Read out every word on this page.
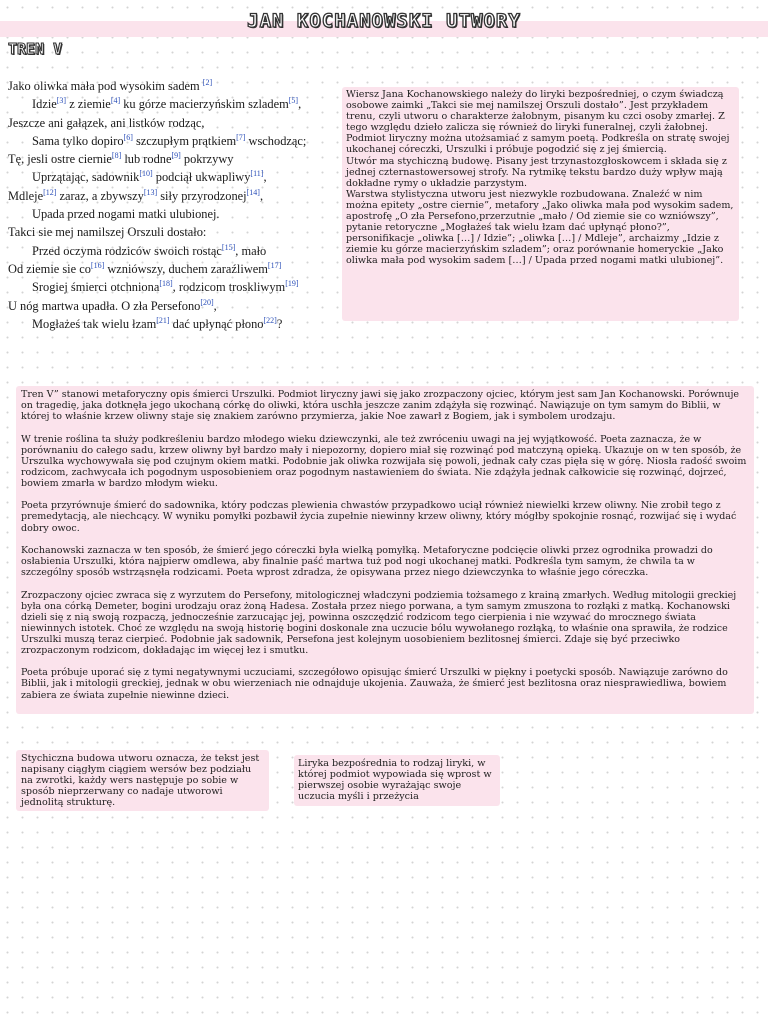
JAN KOCHANOWSKI UTWORY
TREN V
Jako oliwka mała pod wysokim sadem [2]
Idzie[3] z ziemie[4] ku górze macierzyńskim szladem[5],
Jeszcze ani gałązek, ani listków rodząc,
Sama tylko dopiro[6] szczupłym prątkiem[7] wschodząc;
Tę, jesli ostre ciernie[8] lub rodne[9] pokrzywy
Uprzątając, sadownik[10] podciął ukwapliwy[11],
Mdleje[12] zaraz, a zbywszy[13] siły przyrodzonej[14],
Upada przed nogami matki ulubionej.
Takci sie mej namilszej Orszuli dostało:
Przed oczyma rodziców swoich rostąc[15], mało
Od ziemie sie co[16] wzniówszy, duchem zaraźliwem[17]
Srogiej śmierci otchniona[18], rodzicom troskliwym[19]
U nóg martwa upadła. O zła Persefono[20],
Mogłażeś tak wielu łzam[21] dać upłynąć płono[22]?

Wiersz Jana Kochanowskiego należy do liryki bezpośredniej, o czym świadczą osobowe zaimki „Takci sie mej namilszej Orszuli dostało”. Jest przykładem trenu, czyli utworu o charakterze żałobnym, pisanym ku czci osoby zmarłej. Z tego względu dzieło zalicza się również do liryki funeralnej, czyli żałobnej. Podmiot liryczny można utożsamiać z samym poetą. Podkreśla on stratę swojej ukochanej córeczki, Urszulki i próbuje pogodzić się z jej śmiercią.

Utwór ma stychiczną budowę. Pisany jest trzynastozgłoskowcem i składa się z jednej czternastowersowej strofy. Na rytmikę tekstu bardzo duży wpływ mają dokładne rymy o układzie parzystym.

Warstwa stylistyczna utworu jest niezwykle rozbudowana. Znaleźć w nim można epitety „ostre ciernie”, metafory „Jako oliwka mała pod wysokim sadem, apostrofę „O zła Persefono,przerzutnie „mało / Od ziemie sie co wzniówszy”, pytanie retoryczne „Mogłażeś tak wielu łzam dać upłynąć płono?”, personifikacje „oliwka […] / Idzie”; „oliwka […] / Mdleje”, archaizmy „Idzie z ziemie ku górze macierzyńskim szladem”; oraz porównanie homeryckie „Jako oliwka mała pod wysokim sadem […] / Upada przed nogami matki ulubionej”.

Tren V” stanowi metaforyczny opis śmierci Urszulki. Podmiot liryczny jawi się jako zrozpaczony ojciec, którym jest sam Jan Kochanowski. Porównuje on tragedię, jaka dotknęła jego ukochaną córkę do oliwki, która uschła jeszcze zanim zdążyła się rozwinąć. Nawiązuje on tym samym do Biblii, w której to właśnie krzew oliwny staje się znakiem zarówno przymierza, jakie Noe zawarł z Bogiem, jak i symbolem urodzaju.

W trenie roślina ta służy podkreśleniu bardzo młodego wieku dziewczynki, ale też zwróceniu uwagi na jej wyjątkowość. Poeta zaznacza, że w porównaniu do całego sadu, krzew oliwny był bardzo mały i niepozorny, dopiero miał się rozwinąć pod matczyną opieką. Ukazuje on w ten sposób, że Urszulka wychowywała się pod czujnym okiem matki. Podobnie jak oliwka rozwijała się powoli, jednak cały czas pięła się w górę. Niosła radość swoim rodzicom, zachwycała ich pogodnym usposobieniem oraz pogodnym nastawieniem do świata. Nie zdążyła jednak całkowicie się rozwinąć, dojrzeć, bowiem zmarła w bardzo młodym wieku.

Poeta przyrównuje śmierć do sadownika, który podczas plewienia chwastów przypadkowo uciął również niewielki krzew oliwny. Nie zrobił tego z premedytacją, ale niechcący. W wyniku pomyłki pozbawił życia zupełnie niewinny krzew oliwny, który mógłby spokojnie rosnąć, rozwijać się i wydać dobry owoc.

Kochanowski zaznacza w ten sposób, że śmierć jego córeczki była wielką pomyłką. Metaforyczne podcięcie oliwki przez ogrodnika prowadzi do osłabienia Urszulki, która najpierw omdlewa, aby finalnie paść martwa tuż pod nogi ukochanej matki. Podkreśla tym samym, że chwila ta w szczególny sposób wstrząsnęła rodzicami. Poeta wprost zdradza, że opisywana przez niego dziewczynka to właśnie jego córeczka.

Zrozpaczony ojciec zwraca się z wyrzutem do Persefony, mitologicznej władczyni podziemia tożsamego z krainą zmarłych. Według mitologii greckiej była ona córką Demeter, bogini urodzaju oraz żoną Hadesa. Została przez niego porwana, a tym samym zmuszona to rozłąki z matką. Kochanowski dzieli się z nią swoją rozpaczą, jednocześnie zarzucając jej, powinna oszczędzić rodzicom tego cierpienia i nie wzywać do mrocznego świata niewinnych istotek. Choć ze względu na swoją historię bogini doskonale zna uczucie bólu wywołanego rozłąką, to właśnie ona sprawiła, że rodzice Urszulki muszą teraz cierpieć. Podobnie jak sadownik, Persefona jest kolejnym uosobieniem bezlitosnej śmierci. Zdaje się być przeciwko zrozpaczonym rodzicom, dokładając im więcej łez i smutku.

Poeta próbuje uporać się z tymi negatywnymi uczuciami, szczegółowo opisując śmierć Urszulki w piękny i poetycki sposób. Nawiązuje zarówno do Biblii, jak i mitologii greckiej, jednak w obu wierzeniach nie odnajduje ukojenia. Zauważa, że śmierć jest bezlitosna oraz niesprawiedliwa, bowiem zabiera ze świata zupełnie niewinne dzieci.

Stychiczna budowa utworu oznacza, że tekst jest napisany ciągłym ciągiem wersów bez podziału na zwrotki, każdy wers następuje po sobie w sposób nieprzerwany co nadaje utworowi jednolitą strukturę.

Liryka bezpośrednia to rodzaj liryki, w której podmiot wypowiada się wprost w pierwszej osobie wyrażając swoje uczucia myśli i przeżycia
